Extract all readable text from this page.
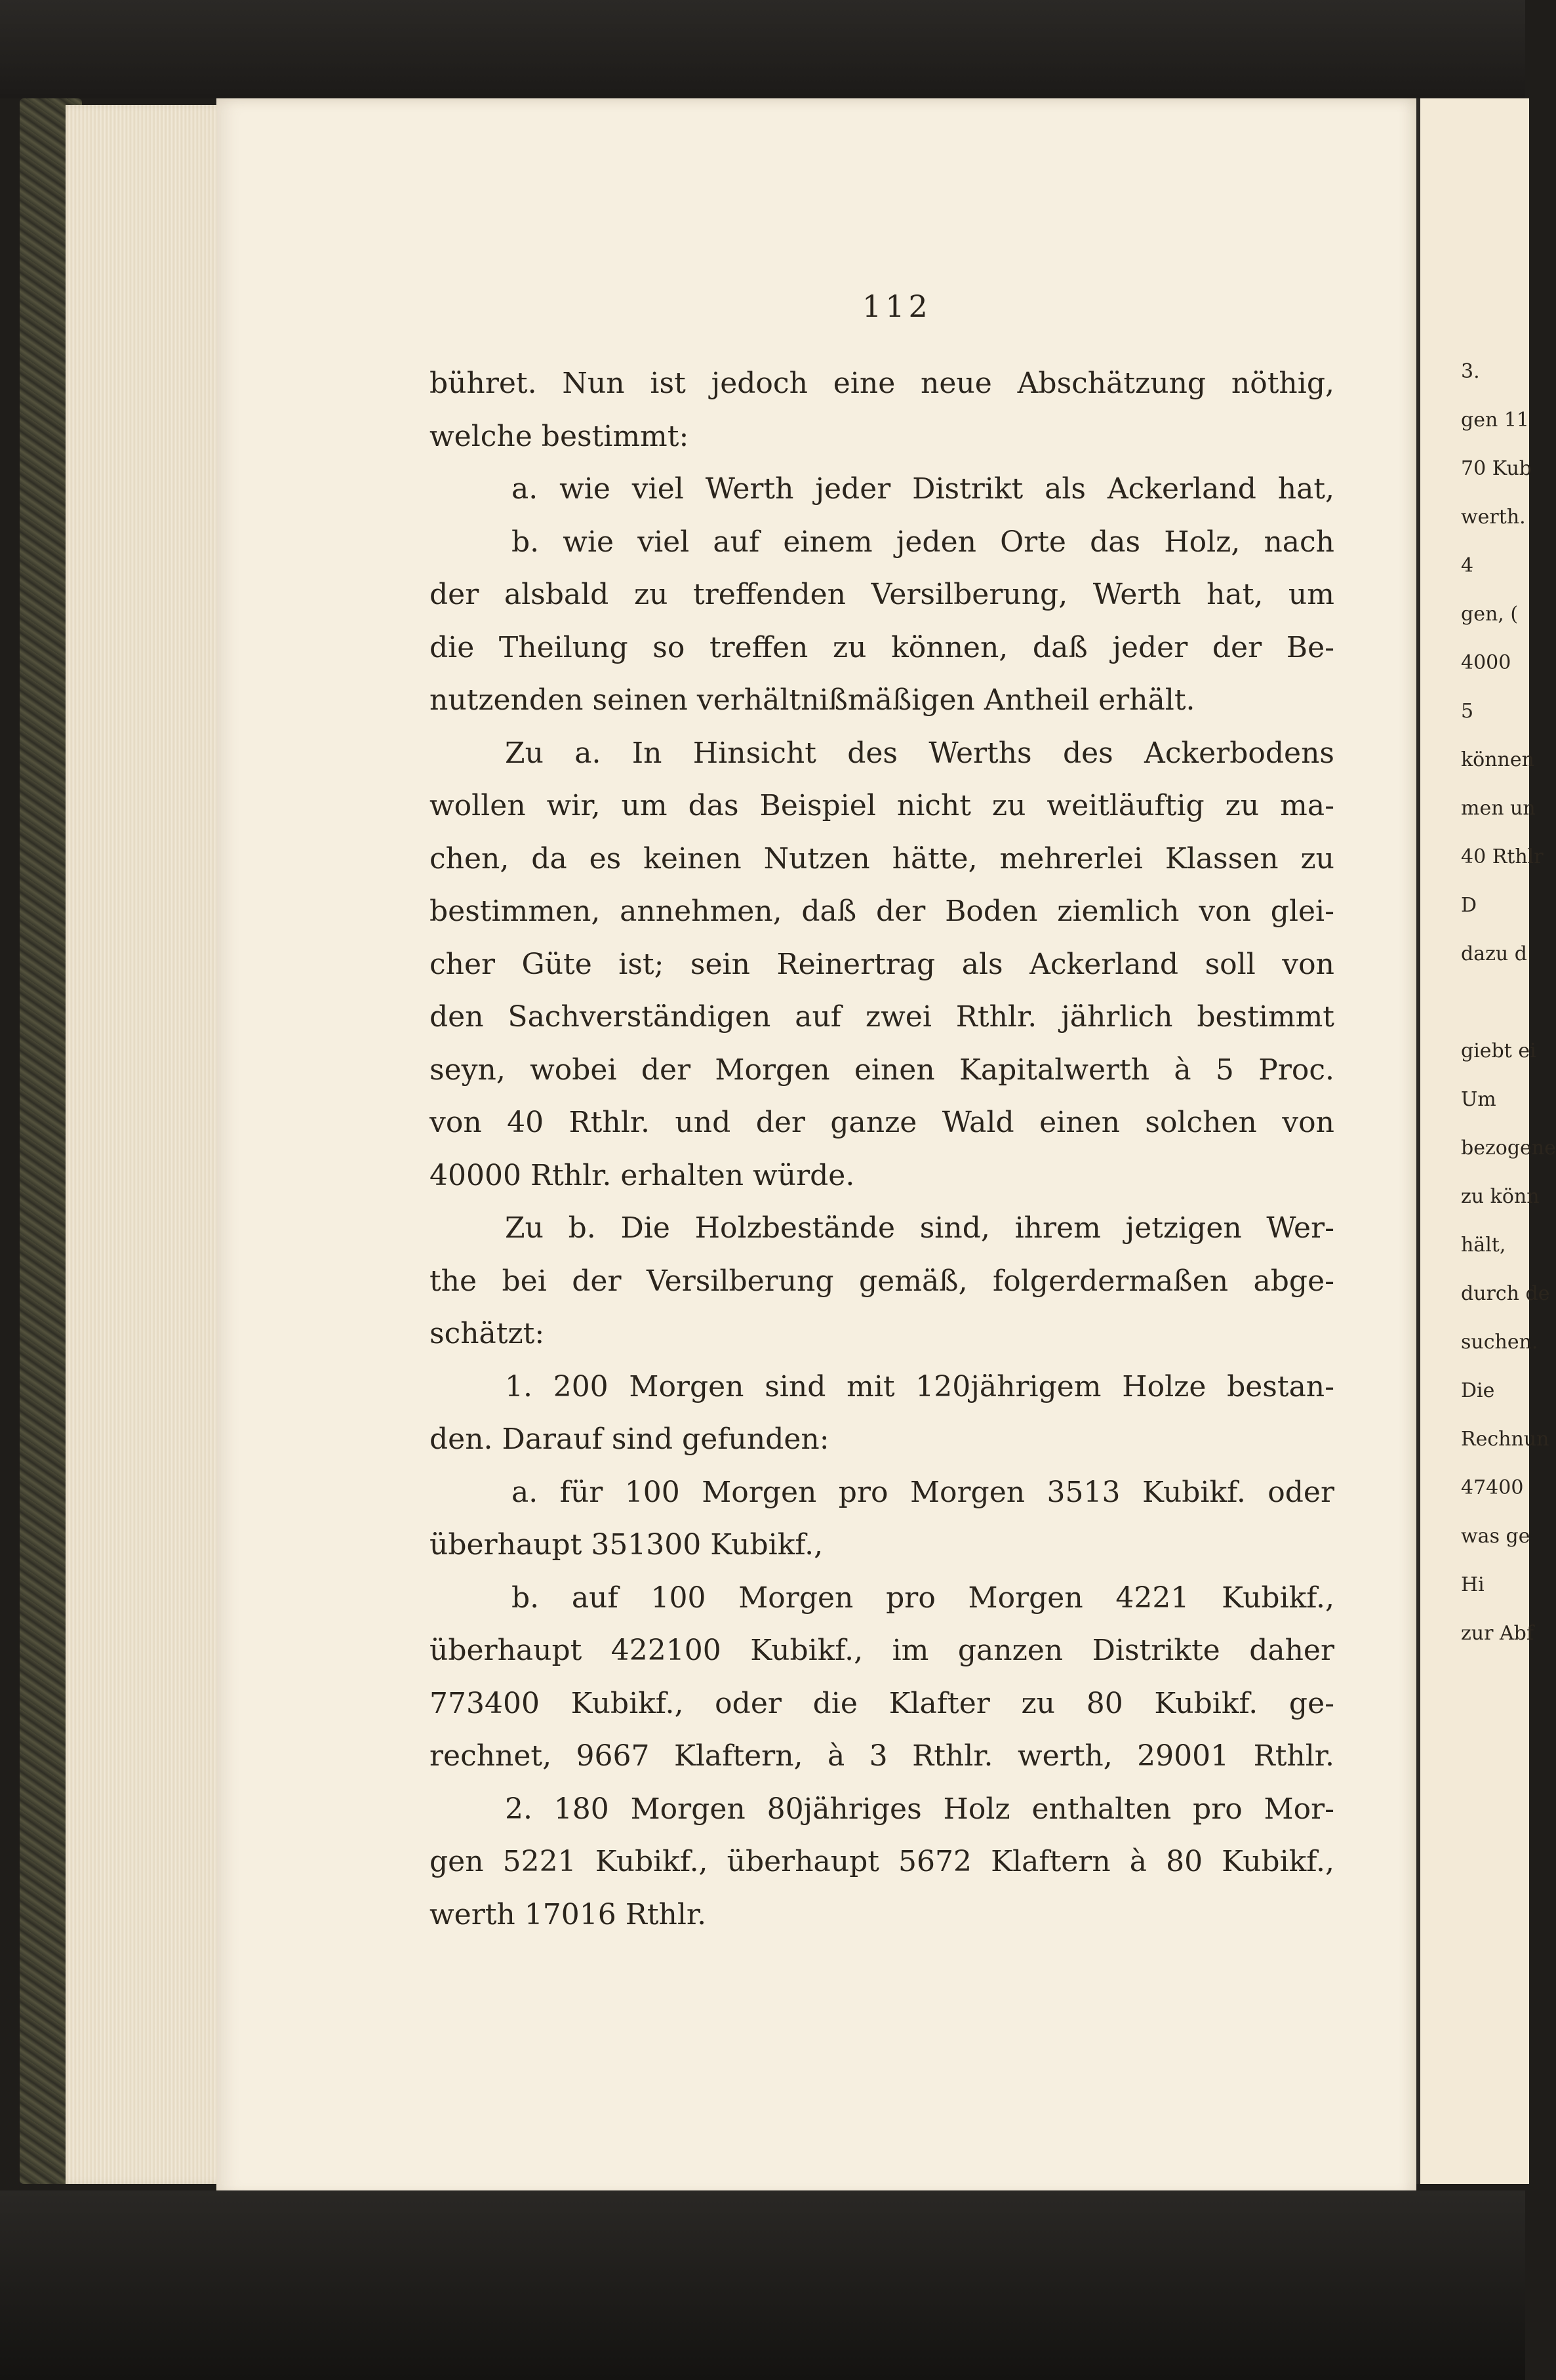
112
bühret. Nun ist jedoch eine neue Abschätzung nöthig,
welche bestimmt:
a. wie viel Werth jeder Distrikt als Ackerland hat,
b. wie viel auf einem jeden Orte das Holz, nach
der alsbald zu treffenden Versilberung, Werth hat, um
die Theilung so treffen zu können, daß jeder der Be-
nutzenden seinen verhältnißmäßigen Antheil erhält.
Zu a. In Hinsicht des Werths des Ackerbodens
wollen wir, um das Beispiel nicht zu weitläuftig zu ma-
chen, da es keinen Nutzen hätte, mehrerlei Klassen zu
bestimmen, annehmen, daß der Boden ziemlich von glei-
cher Güte ist; sein Reinertrag als Ackerland soll von
den Sachverständigen auf zwei Rthlr. jährlich bestimmt
seyn, wobei der Morgen einen Kapitalwerth à 5 Proc.
von 40 Rthlr. und der ganze Wald einen solchen von
40000 Rthlr. erhalten würde.
Zu b. Die Holzbestände sind, ihrem jetzigen Wer-
the bei der Versilberung gemäß, folgerdermaßen abge-
schätzt:
1. 200 Morgen sind mit 120jährigem Holze bestan-
den. Darauf sind gefunden:
a. für 100 Morgen pro Morgen 3513 Kubikf. oder
überhaupt 351300 Kubikf.,
b. auf 100 Morgen pro Morgen 4221 Kubikf.,
überhaupt 422100 Kubikf., im ganzen Distrikte daher
773400 Kubikf., oder die Klafter zu 80 Kubikf. ge-
rechnet, 9667 Klaftern, à 3 Rthlr. werth, 29001 Rthlr.
2. 180 Morgen 80jähriges Holz enthalten pro Mor-
gen 5221 Kubikf., überhaupt 5672 Klaftern à 80 Kubikf.,
werth 17016 Rthlr.
3.
gen 11
70 Kub
werth.
4
gen, (
4000
5
können
men un
40 Rthlr
D
dazu d
giebt ei
Um
bezogene
zu könn
hält,
durch de
suchen.
Die
Rechnun
47400
was ge
Hi
zur Abf
